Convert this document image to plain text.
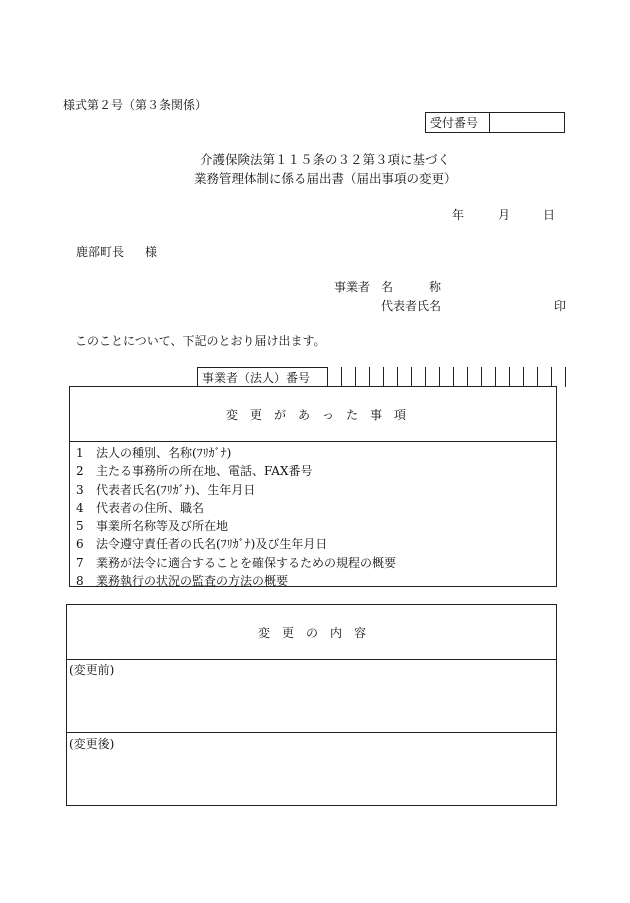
様式第２号（第３条関係）
受付番号
介護保険法第１１５条の３２第３項に基づく
業務管理体制に係る届出書（届出事項の変更）
年	月	日
鹿部町長 様
事業者 名　　　称
代表者氏名	印
このことについて、下記のとおり届け出ます。
事業者（法人）番号
変　更　が　あ　っ　た　事　項
1	法人の種別、名称(ﾌﾘｶﾞﾅ)
2	主たる事務所の所在地、電話、FAX番号
3	代表者氏名(ﾌﾘｶﾞﾅ)、生年月日
4	代表者の住所、職名
5	事業所名称等及び所在地
6	法令遵守責任者の氏名(ﾌﾘｶﾞﾅ)及び生年月日
7	業務が法令に適合することを確保するための規程の概要
8	業務執行の状況の監査の方法の概要
変　更　の　内　容
(変更前)
(変更後)
